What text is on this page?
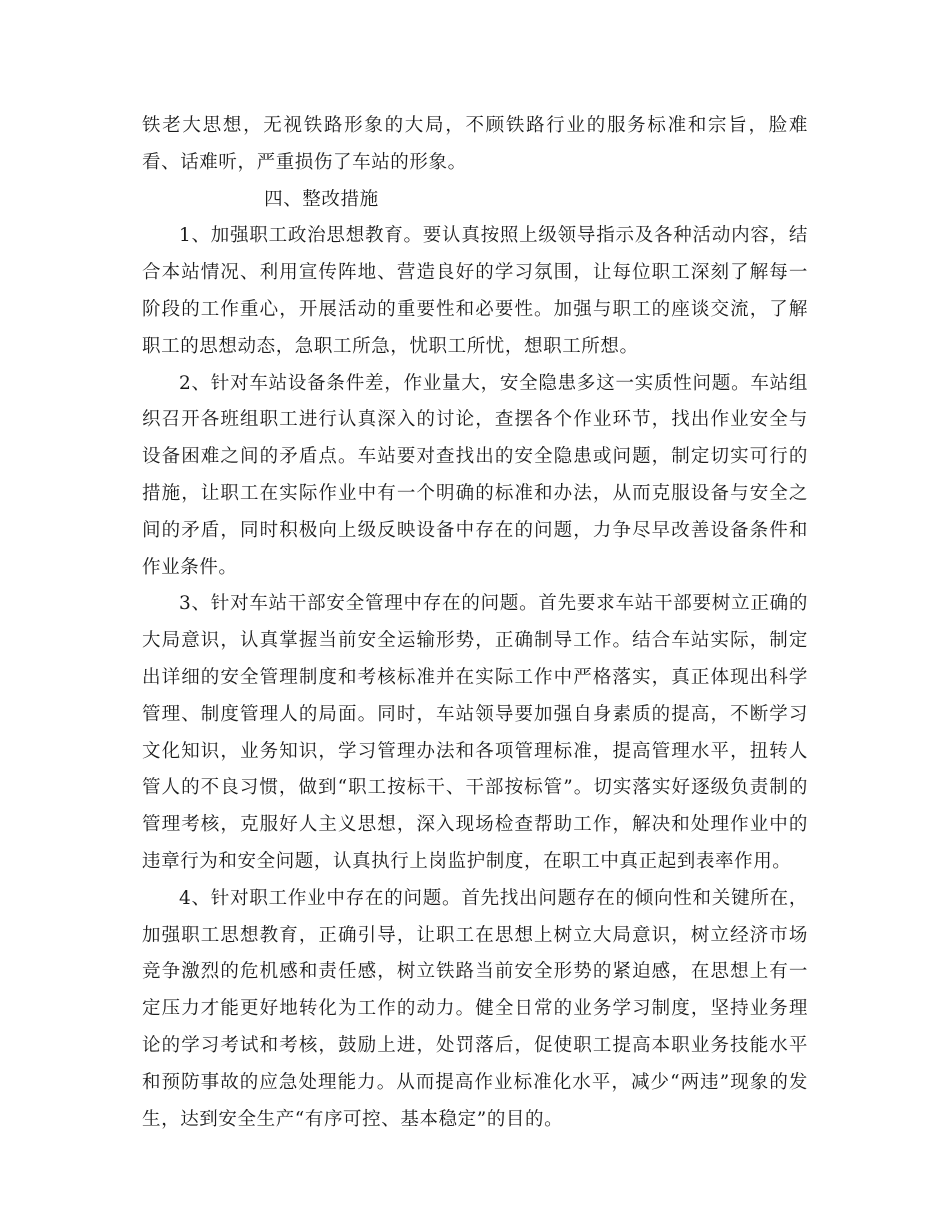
铁老大思想，无视铁路形象的大局，不顾铁路行业的服务标准和宗旨，脸难看、话难听，严重损伤了车站的形象。

四、整改措施

1、加强职工政治思想教育。要认真按照上级领导指示及各种活动内容，结合本站情况、利用宣传阵地、营造良好的学习氛围，让每位职工深刻了解每一阶段的工作重心，开展活动的重要性和必要性。加强与职工的座谈交流，了解职工的思想动态，急职工所急，忧职工所忧，想职工所想。

2、针对车站设备条件差，作业量大，安全隐患多这一实质性问题。车站组织召开各班组职工进行认真深入的讨论，查摆各个作业环节，找出作业安全与设备困难之间的矛盾点。车站要对查找出的安全隐患或问题，制定切实可行的措施，让职工在实际作业中有一个明确的标准和办法，从而克服设备与安全之间的矛盾，同时积极向上级反映设备中存在的问题，力争尽早改善设备条件和作业条件。

3、针对车站干部安全管理中存在的问题。首先要求车站干部要树立正确的大局意识，认真掌握当前安全运输形势，正确制导工作。结合车站实际，制定出详细的安全管理制度和考核标准并在实际工作中严格落实，真正体现出科学管理、制度管理人的局面。同时，车站领导要加强自身素质的提高，不断学习文化知识，业务知识，学习管理办法和各项管理标准，提高管理水平，扭转人管人的不良习惯，做到“职工按标干、干部按标管”。切实落实好逐级负责制的管理考核，克服好人主义思想，深入现场检查帮助工作，解决和处理作业中的违章行为和安全问题，认真执行上岗监护制度，在职工中真正起到表率作用。

4、针对职工作业中存在的问题。首先找出问题存在的倾向性和关键所在，加强职工思想教育，正确引导，让职工在思想上树立大局意识，树立经济市场竞争激烈的危机感和责任感，树立铁路当前安全形势的紧迫感，在思想上有一定压力才能更好地转化为工作的动力。健全日常的业务学习制度，坚持业务理论的学习考试和考核，鼓励上进，处罚落后，促使职工提高本职业务技能水平和预防事故的应急处理能力。从而提高作业标准化水平，减少“两违”现象的发生，达到安全生产“有序可控、基本稳定”的目的。
